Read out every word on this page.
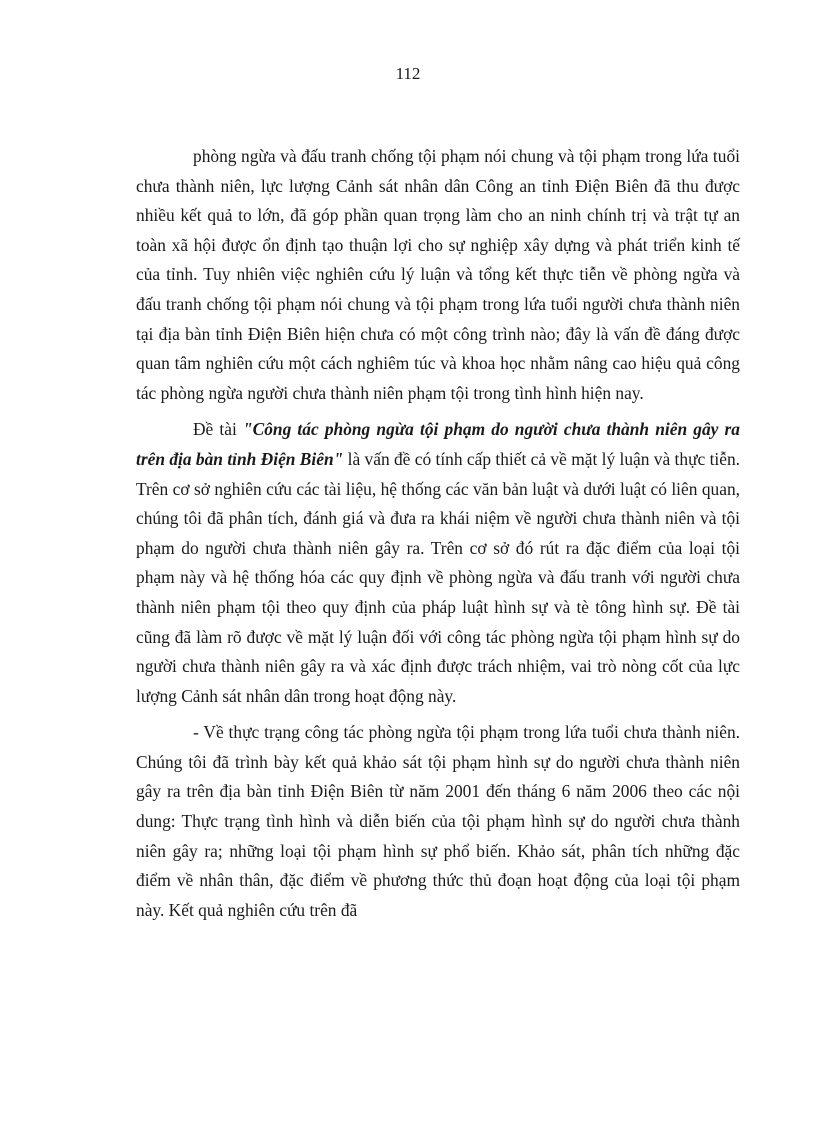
112

phòng ngừa và đấu tranh chống tội phạm nói chung và tội phạm trong lứa tuổi chưa thành niên, lực lượng Cảnh sát nhân dân Công an tỉnh Điện Biên đã thu được nhiều kết quả to lớn, đã góp phần quan trọng làm cho an ninh chính trị và trật tự an toàn xã hội được ổn định tạo thuận lợi cho sự nghiệp xây dựng và phát triển kinh tế của tỉnh. Tuy nhiên việc nghiên cứu lý luận và tổng kết thực tiễn về phòng ngừa và đấu tranh chống tội phạm nói chung và tội phạm trong lứa tuổi người chưa thành niên tại địa bàn tỉnh Điện Biên hiện chưa có một công trình nào; đây là vấn đề đáng được quan tâm nghiên cứu một cách nghiêm túc và khoa học nhằm nâng cao hiệu quả công tác phòng ngừa người chưa thành niên phạm tội trong tình hình hiện nay.

Đề tài "Công tác phòng ngừa tội phạm do người chưa thành niên gây ra trên địa bàn tỉnh Điện Biên" là vấn đề có tính cấp thiết cả về mặt lý luận và thực tiễn. Trên cơ sở nghiên cứu các tài liệu, hệ thống các văn bản luật và dưới luật có liên quan, chúng tôi đã phân tích, đánh giá và đưa ra khái niệm về người chưa thành niên và tội phạm do người chưa thành niên gây ra. Trên cơ sở đó rút ra đặc điểm của loại tội phạm này và hệ thống hóa các quy định về phòng ngừa và đấu tranh với người chưa thành niên phạm tội theo quy định của pháp luật hình sự và tè tông hình sự. Đề tài cũng đã làm rõ được về mặt lý luận đối với công tác phòng ngừa tội phạm hình sự do người chưa thành niên gây ra và xác định được trách nhiệm, vai trò nòng cốt của lực lượng Cảnh sát nhân dân trong hoạt động này.

- Về thực trạng công tác phòng ngừa tội phạm trong lứa tuổi chưa thành niên. Chúng tôi đã trình bày kết quả khảo sát tội phạm hình sự do người chưa thành niên gây ra trên địa bàn tỉnh Điện Biên từ năm 2001 đến tháng 6 năm 2006 theo các nội dung: Thực trạng tình hình và diễn biến của tội phạm hình sự do người chưa thành niên gây ra; những loại tội phạm hình sự phổ biến. Khảo sát, phân tích những đặc điểm về nhân thân, đặc điểm về phương thức thủ đoạn hoạt động của loại tội phạm này. Kết quả nghiên cứu trên đã
